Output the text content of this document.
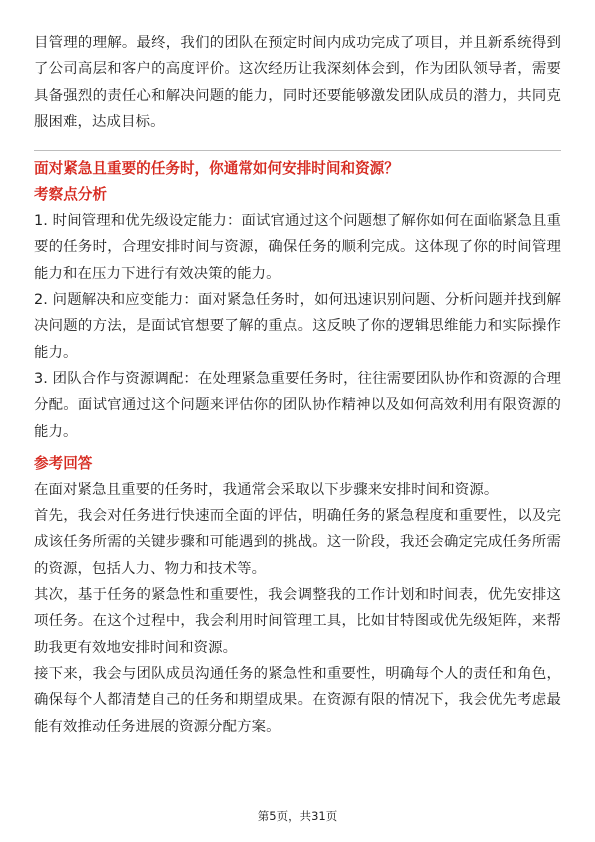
目管理的理解。最终，我们的团队在预定时间内成功完成了项目，并且新系统得到了公司高层和客户的高度评价。这次经历让我深刻体会到，作为团队领导者，需要具备强烈的责任心和解决问题的能力，同时还要能够激发团队成员的潜力，共同克服困难，达成目标。

面对紧急且重要的任务时，你通常如何安排时间和资源？

考察点分析

1. 时间管理和优先级设定能力：面试官通过这个问题想了解你如何在面临紧急且重要的任务时，合理安排时间与资源，确保任务的顺利完成。这体现了你的时间管理能力和在压力下进行有效决策的能力。

2. 问题解决和应变能力：面对紧急任务时，如何迅速识别问题、分析问题并找到解决问题的方法，是面试官想要了解的重点。这反映了你的逻辑思维能力和实际操作能力。

3. 团队合作与资源调配：在处理紧急重要任务时，往往需要团队协作和资源的合理分配。面试官通过这个问题来评估你的团队协作精神以及如何高效利用有限资源的能力。

参考回答

在面对紧急且重要的任务时，我通常会采取以下步骤来安排时间和资源。

首先，我会对任务进行快速而全面的评估，明确任务的紧急程度和重要性，以及完成该任务所需的关键步骤和可能遇到的挑战。这一阶段，我还会确定完成任务所需的资源，包括人力、物力和技术等。

其次，基于任务的紧急性和重要性，我会调整我的工作计划和时间表，优先安排这项任务。在这个过程中，我会利用时间管理工具，比如甘特图或优先级矩阵，来帮助我更有效地安排时间和资源。

接下来，我会与团队成员沟通任务的紧急性和重要性，明确每个人的责任和角色，确保每个人都清楚自己的任务和期望成果。在资源有限的情况下，我会优先考虑最能有效推动任务进展的资源分配方案。

第5页，共31页
